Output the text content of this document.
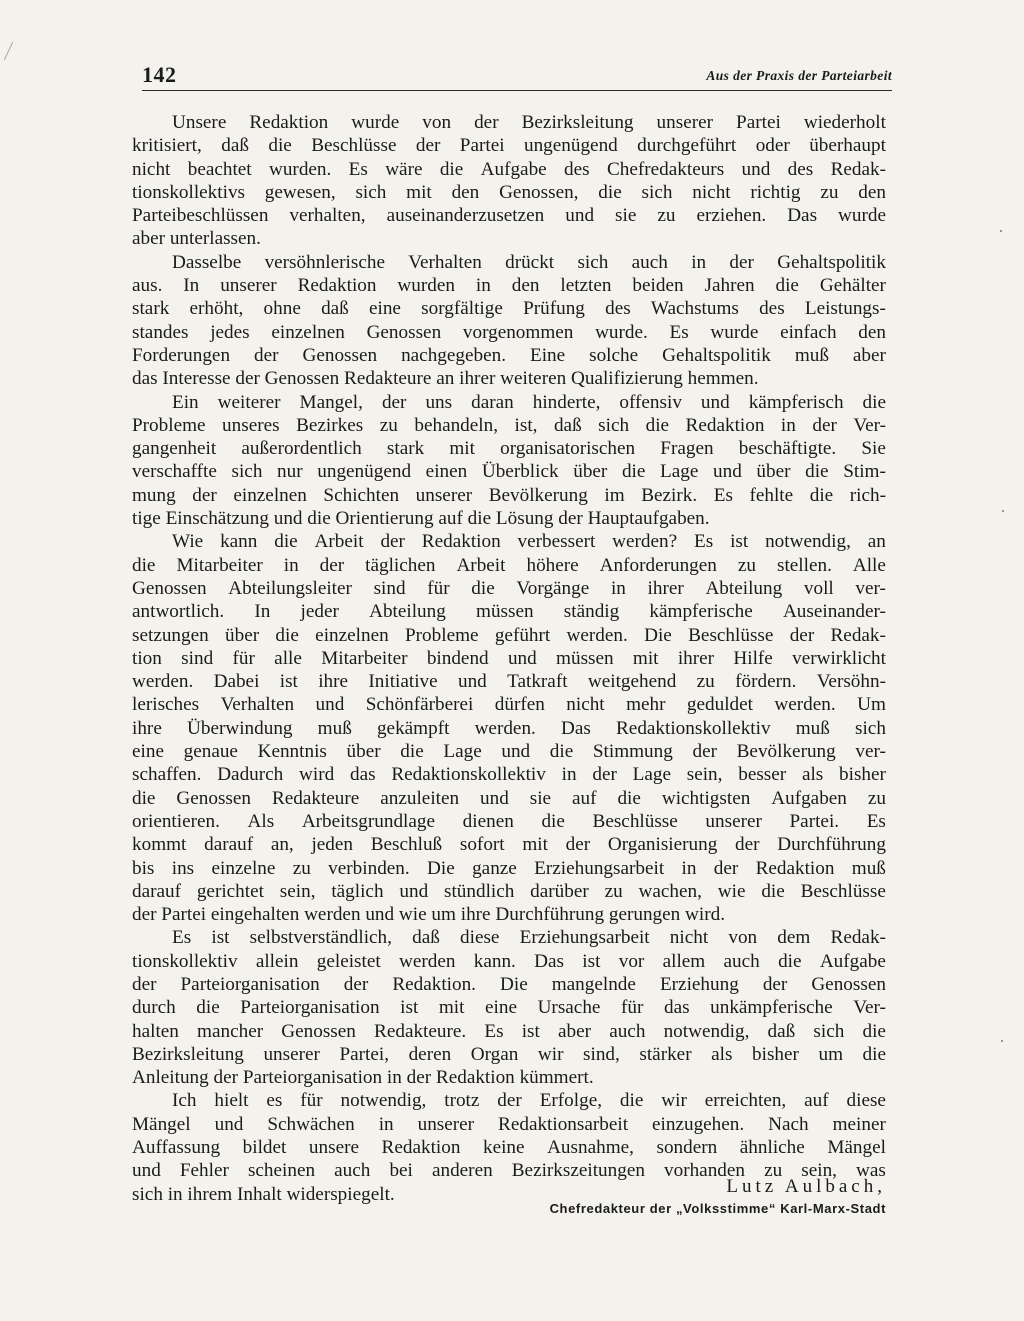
142	Aus der Praxis der Parteiarbeit
Unsere Redaktion wurde von der Bezirksleitung unserer Partei wiederholt
kritisiert, daß die Beschlüsse der Partei ungenügend durchgeführt oder überhaupt
nicht beachtet wurden. Es wäre die Aufgabe des Chefredakteurs und des Redak-
tionskollektivs gewesen, sich mit den Genossen, die sich nicht richtig zu den
Parteibeschlüssen verhalten, auseinanderzusetzen und sie zu erziehen. Das wurde
aber unterlassen.
Dasselbe versöhnlerische Verhalten drückt sich auch in der Gehaltspolitik
aus. In unserer Redaktion wurden in den letzten beiden Jahren die Gehälter
stark erhöht, ohne daß eine sorgfältige Prüfung des Wachstums des Leistungs-
standes jedes einzelnen Genossen vorgenommen wurde. Es wurde einfach den
Forderungen der Genossen nachgegeben. Eine solche Gehaltspolitik muß aber
das Interesse der Genossen Redakteure an ihrer weiteren Qualifizierung hemmen.
Ein weiterer Mangel, der uns daran hinderte, offensiv und kämpferisch die
Probleme unseres Bezirkes zu behandeln, ist, daß sich die Redaktion in der Ver-
gangenheit außerordentlich stark mit organisatorischen Fragen beschäftigte. Sie
verschaffte sich nur ungenügend einen Überblick über die Lage und über die Stim-
mung der einzelnen Schichten unserer Bevölkerung im Bezirk. Es fehlte die rich-
tige Einschätzung und die Orientierung auf die Lösung der Hauptaufgaben.
Wie kann die Arbeit der Redaktion verbessert werden? Es ist notwendig, an
die Mitarbeiter in der täglichen Arbeit höhere Anforderungen zu stellen. Alle
Genossen Abteilungsleiter sind für die Vorgänge in ihrer Abteilung voll ver-
antwortlich. In jeder Abteilung müssen ständig kämpferische Auseinander-
setzungen über die einzelnen Probleme geführt werden. Die Beschlüsse der Redak-
tion sind für alle Mitarbeiter bindend und müssen mit ihrer Hilfe verwirklicht
werden. Dabei ist ihre Initiative und Tatkraft weitgehend zu fördern. Versöhn-
lerisches Verhalten und Schönfärberei dürfen nicht mehr geduldet werden. Um
ihre Überwindung muß gekämpft werden. Das Redaktionskollektiv muß sich
eine genaue Kenntnis über die Lage und die Stimmung der Bevölkerung ver-
schaffen. Dadurch wird das Redaktionskollektiv in der Lage sein, besser als bisher
die Genossen Redakteure anzuleiten und sie auf die wichtigsten Aufgaben zu
orientieren. Als Arbeitsgrundlage dienen die Beschlüsse unserer Partei. Es
kommt darauf an, jeden Beschluß sofort mit der Organisierung der Durchführung
bis ins einzelne zu verbinden. Die ganze Erziehungsarbeit in der Redaktion muß
darauf gerichtet sein, täglich und stündlich darüber zu wachen, wie die Beschlüsse
der Partei eingehalten werden und wie um ihre Durchführung gerungen wird.
Es ist selbstverständlich, daß diese Erziehungsarbeit nicht von dem Redak-
tionskollektiv allein geleistet werden kann. Das ist vor allem auch die Aufgabe
der Parteiorganisation der Redaktion. Die mangelnde Erziehung der Genossen
durch die Parteiorganisation ist mit eine Ursache für das unkämpferische Ver-
halten mancher Genossen Redakteure. Es ist aber auch notwendig, daß sich die
Bezirksleitung unserer Partei, deren Organ wir sind, stärker als bisher um die
Anleitung der Parteiorganisation in der Redaktion kümmert.
Ich hielt es für notwendig, trotz der Erfolge, die wir erreichten, auf diese
Mängel und Schwächen in unserer Redaktionsarbeit einzugehen. Nach meiner
Auffassung bildet unsere Redaktion keine Ausnahme, sondern ähnliche Mängel
und Fehler scheinen auch bei anderen Bezirkszeitungen vorhanden zu sein, was
sich in ihrem Inhalt widerspiegelt.	Lutz Aulbach,
Chefredakteur der „Volksstimme“ Karl-Marx-Stadt
